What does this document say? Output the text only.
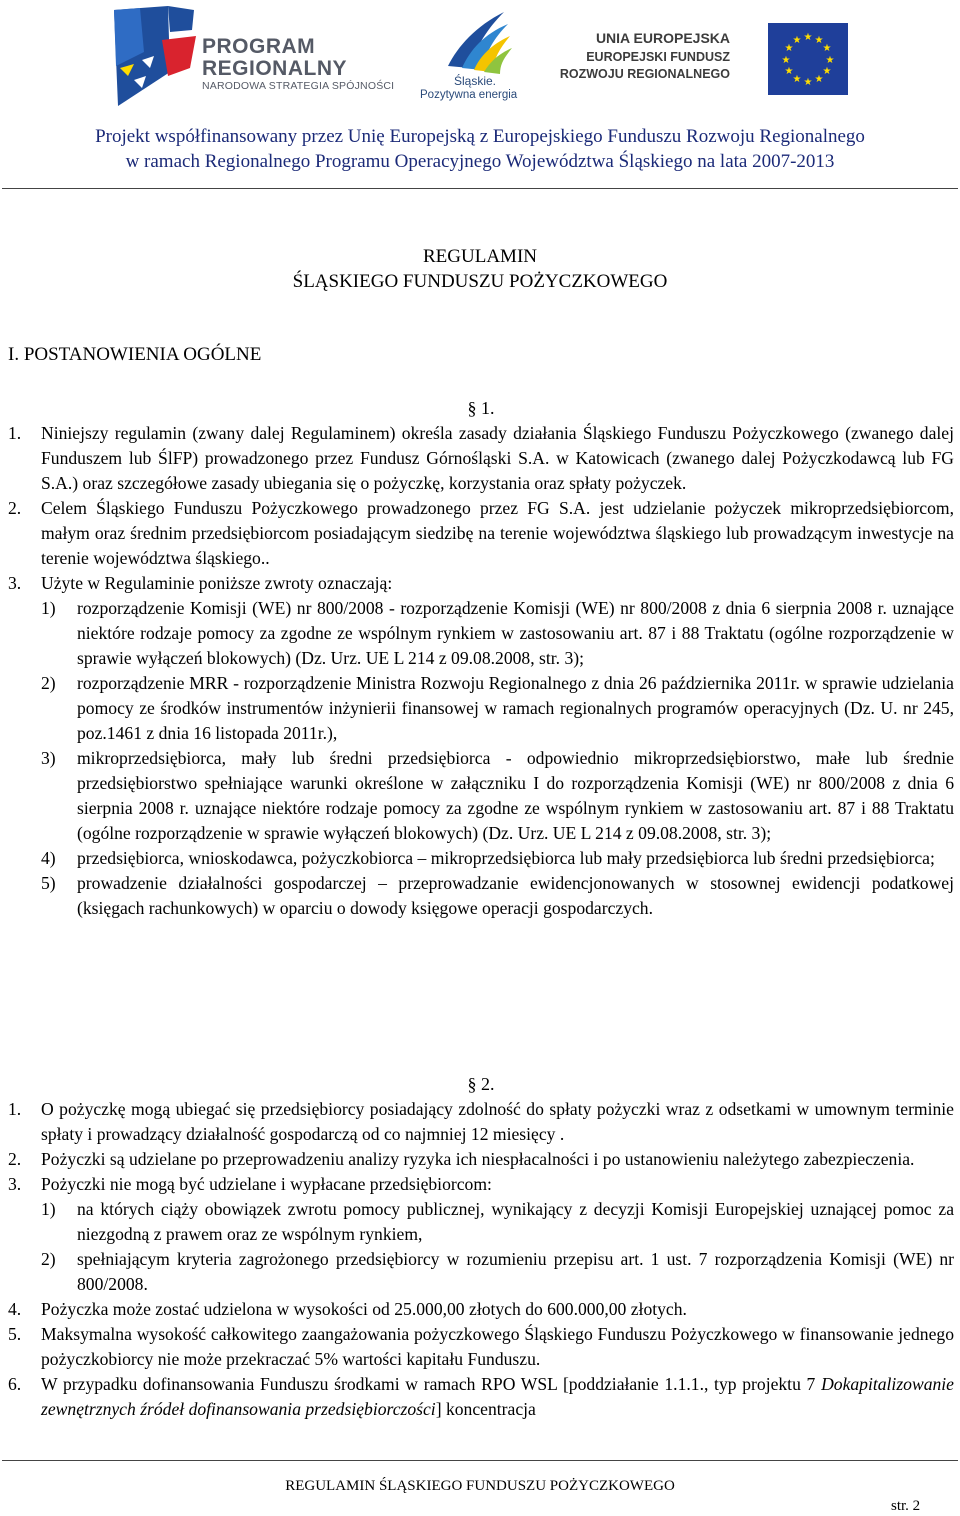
PROGRAM
REGIONALNY
NARODOWA STRATEGIA SPÓJNOŚCI	Śląskie.
Pozytywna energia
UNIA EUROPEJSKA
EUROPEJSKI FUNDUSZ
ROZWOJU REGIONALNEGO
★ ★
★
★
★
★
★
★
★
★
★
★
Projekt współfinansowany przez Unię Europejską z Europejskiego Funduszu Rozwoju Regionalnego
w ramach Regionalnego Programu Operacyjnego Województwa Śląskiego na lata 2007-2013
REGULAMIN
ŚLĄSKIEGO FUNDUSZU POŻYCZKOWEGO
I. POSTANOWIENIA OGÓLNE
§ 1.
1. Niniejszy regulamin (zwany dalej Regulaminem) określa zasady działania Śląskiego Funduszu Pożyczkowego (zwanego dalej Funduszem lub ŚlFP) prowadzonego przez Fundusz Górnośląski S.A. w Katowicach (zwanego dalej Pożyczkodawcą lub FG S.A.) oraz szczegółowe zasady ubiegania się o pożyczkę, korzystania oraz spłaty pożyczek.
2. Celem Śląskiego Funduszu Pożyczkowego prowadzonego przez FG S.A. jest udzielanie pożyczek mikroprzedsiębiorcom, małym oraz średnim przedsiębiorcom posiadającym siedzibę na terenie województwa śląskiego lub prowadzącym inwestycje na terenie województwa śląskiego..
3. Użyte w Regulaminie poniższe zwroty oznaczają:
1) rozporządzenie Komisji (WE) nr 800/2008 - rozporządzenie Komisji (WE) nr 800/2008 z dnia 6 sierpnia 2008 r. uznające niektóre rodzaje pomocy za zgodne ze wspólnym rynkiem w zastosowaniu art. 87 i 88 Traktatu (ogólne rozporządzenie w sprawie wyłączeń blokowych) (Dz. Urz. UE L 214 z 09.08.2008, str. 3);
2) rozporządzenie MRR - rozporządzenie Ministra Rozwoju Regionalnego z dnia 26 października 2011r. w sprawie udzielania pomocy ze środków instrumentów inżynierii finansowej w ramach regionalnych programów operacyjnych (Dz. U. nr 245, poz.1461 z dnia 16 listopada 2011r.),
3) mikroprzedsiębiorca, mały lub średni przedsiębiorca - odpowiednio mikroprzedsiębiorstwo, małe lub średnie przedsiębiorstwo spełniające warunki określone w załączniku I do rozporządzenia Komisji (WE) nr 800/2008 z dnia 6 sierpnia 2008 r. uznające niektóre rodzaje pomocy za zgodne ze wspólnym rynkiem w zastosowaniu art. 87 i 88 Traktatu (ogólne rozporządzenie w sprawie wyłączeń blokowych) (Dz. Urz. UE L 214 z 09.08.2008, str. 3);
4) przedsiębiorca, wnioskodawca, pożyczkobiorca – mikroprzedsiębiorca lub mały przedsiębiorca lub średni przedsiębiorca;
5) prowadzenie działalności gospodarczej – przeprowadzanie ewidencjonowanych w stosownej ewidencji podatkowej (księgach rachunkowych) w oparciu o dowody księgowe operacji gospodarczych.
§ 2.
1. O pożyczkę mogą ubiegać się przedsiębiorcy posiadający zdolność do spłaty pożyczki wraz z odsetkami w umownym terminie spłaty i prowadzący działalność gospodarczą od co najmniej 12 miesięcy .
2. Pożyczki są udzielane po przeprowadzeniu analizy ryzyka ich niespłacalności i po ustanowieniu należytego zabezpieczenia.
3. Pożyczki nie mogą być udzielane i wypłacane przedsiębiorcom:
1) na których ciąży obowiązek zwrotu pomocy publicznej, wynikający z decyzji Komisji Europejskiej uznającej pomoc za niezgodną z prawem oraz ze wspólnym rynkiem,
2) spełniającym kryteria zagrożonego przedsiębiorcy w rozumieniu przepisu art. 1 ust. 7 rozporządzenia Komisji (WE) nr 800/2008.
4. Pożyczka może zostać udzielona w wysokości od 25.000,00 złotych do 600.000,00 złotych.
5. Maksymalna wysokość całkowitego zaangażowania pożyczkowego Śląskiego Funduszu Pożyczkowego w finansowanie jednego pożyczkobiorcy nie może przekraczać 5% wartości kapitału Funduszu.
6. W przypadku dofinansowania Funduszu środkami w ramach RPO WSL [poddziałanie 1.1.1., typ projektu 7 Dokapitalizowanie zewnętrznych źródeł dofinansowania przedsiębiorczości] koncentracja
REGULAMIN ŚLĄSKIEGO FUNDUSZU POŻYCZKOWEGO
str. 2
